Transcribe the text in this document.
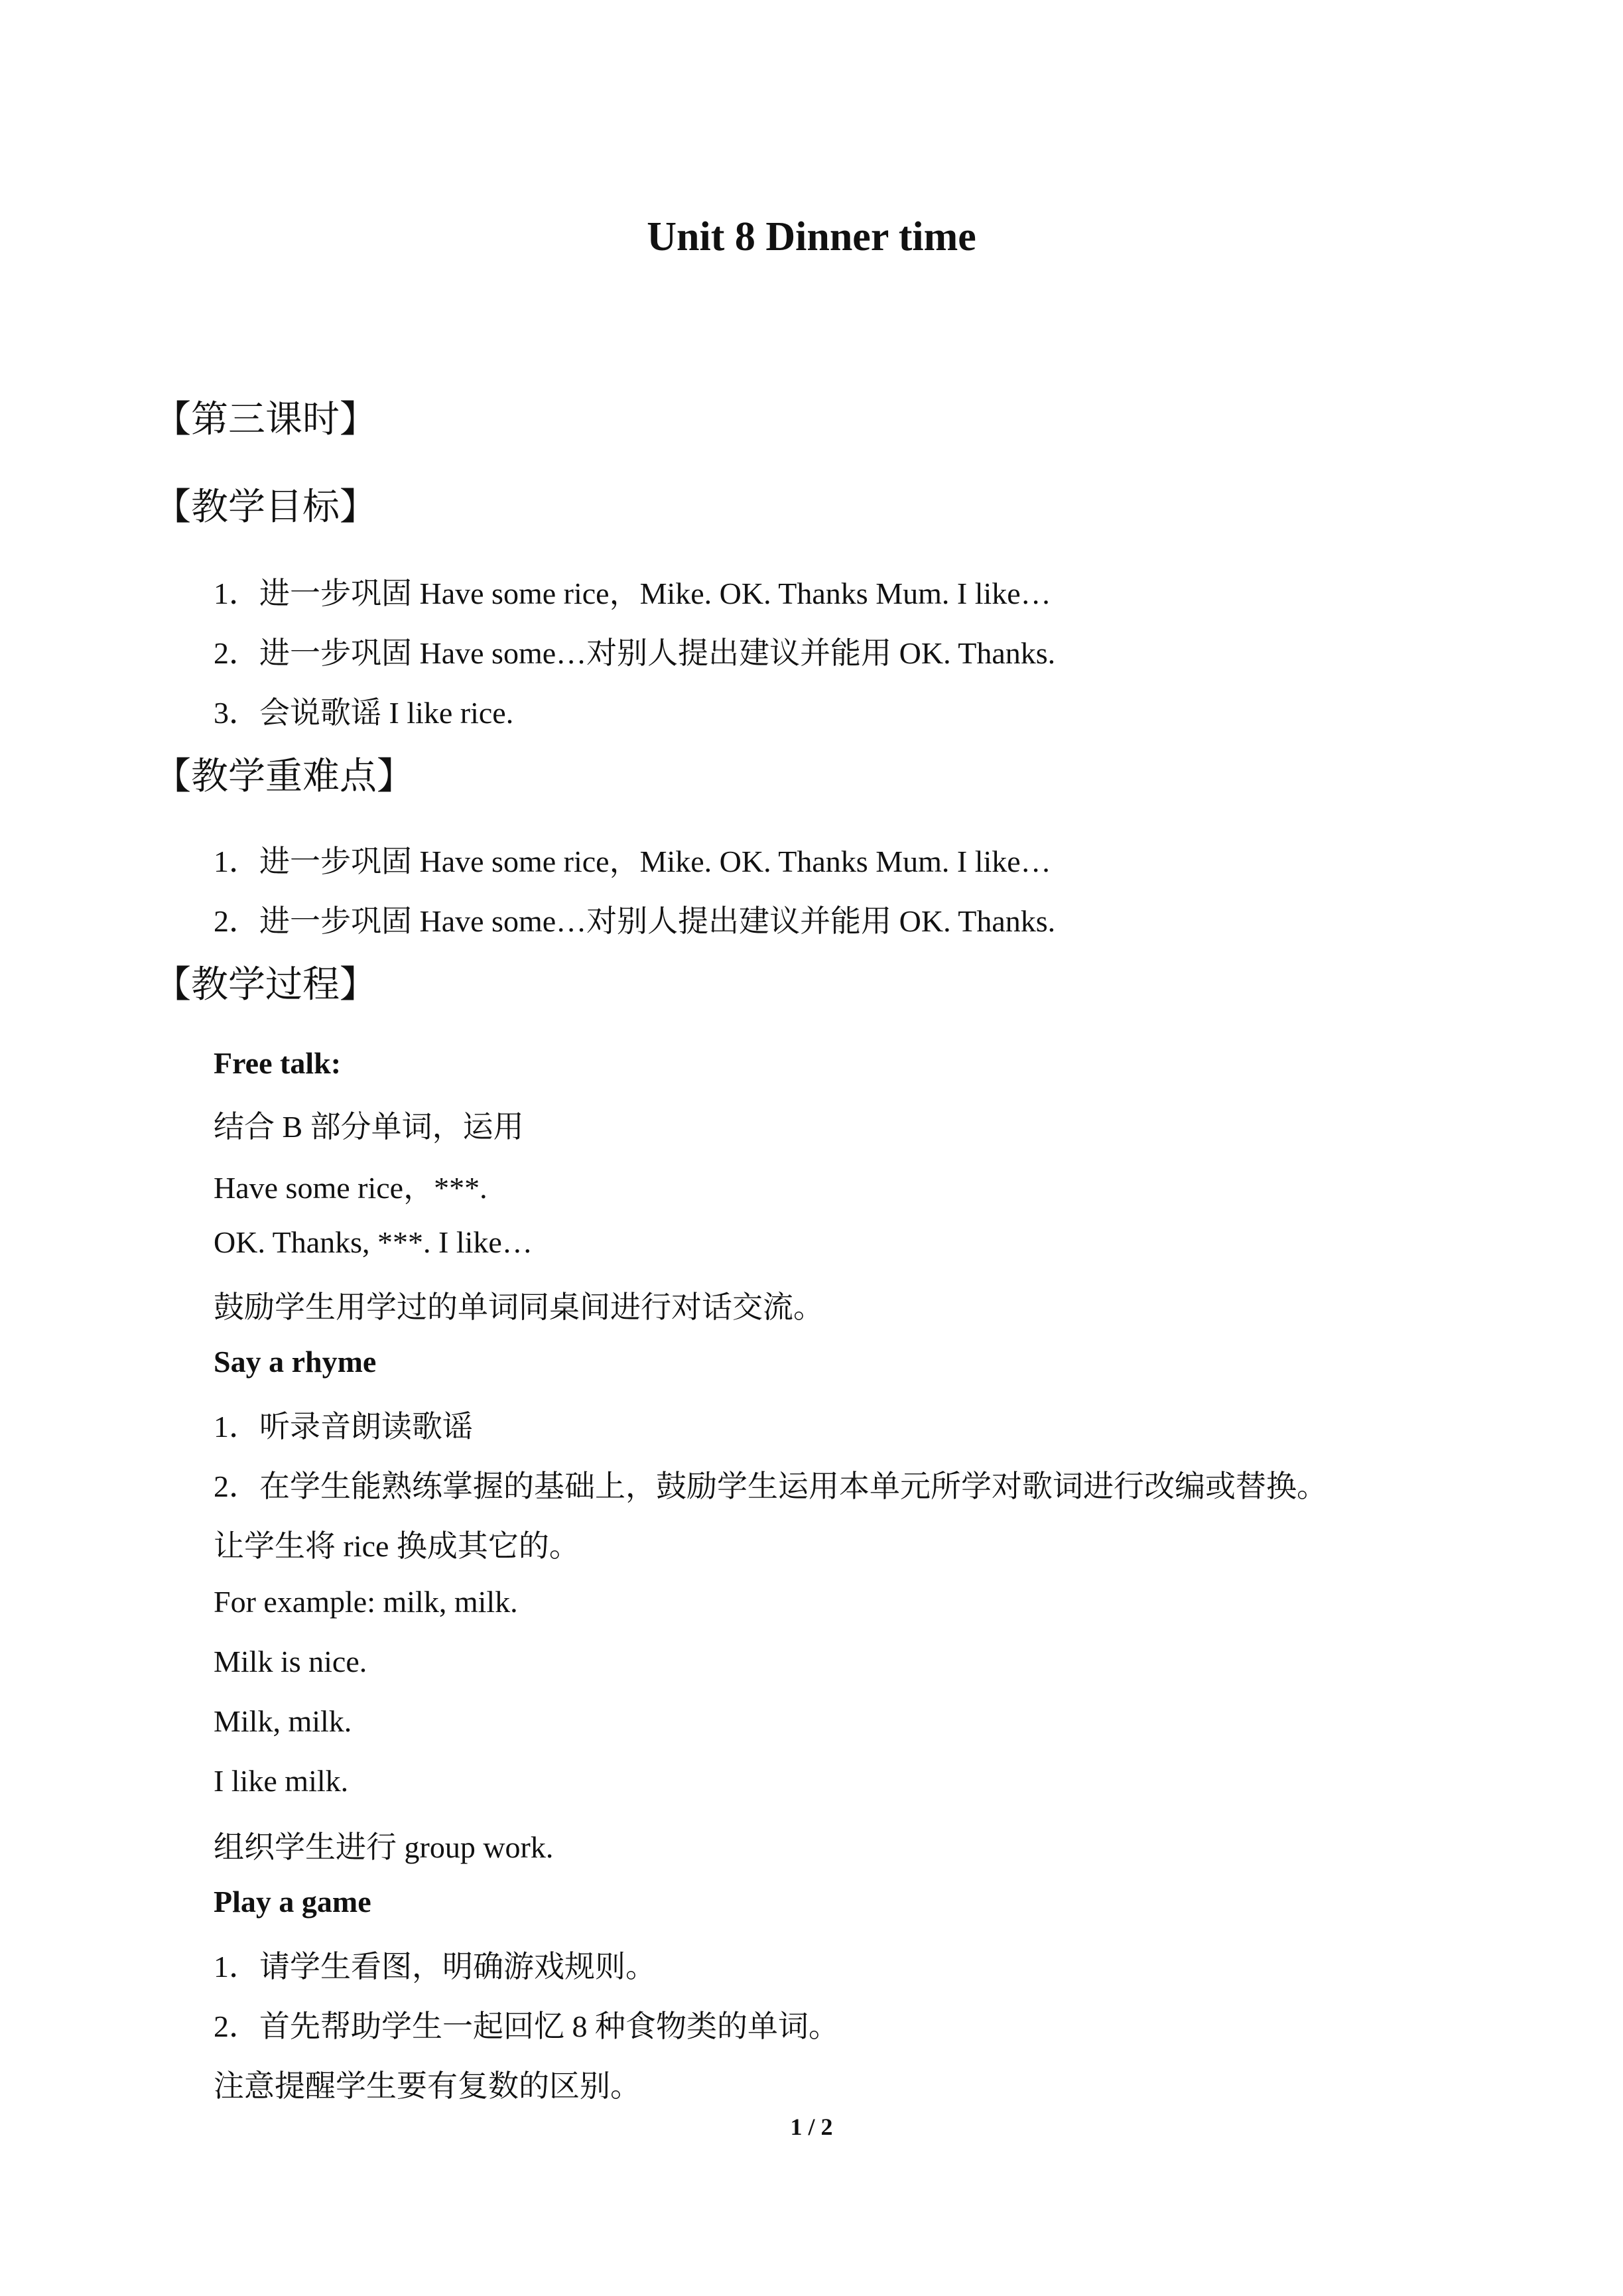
Unit 8 Dinner time
【第三课时】
【教学目标】
1．进一步巩固 Have some rice，Mike. OK. Thanks Mum. I like…
2．进一步巩固 Have some…对别人提出建议并能用 OK. Thanks.
3．会说歌谣 I like rice.
【教学重难点】
1．进一步巩固 Have some rice，Mike. OK. Thanks Mum. I like…
2．进一步巩固 Have some…对别人提出建议并能用 OK. Thanks.
【教学过程】
Free talk:
结合 B 部分单词，运用
Have some rice，***.
OK. Thanks, ***. I like…
鼓励学生用学过的单词同桌间进行对话交流。
Say a rhyme
1．听录音朗读歌谣
2．在学生能熟练掌握的基础上，鼓励学生运用本单元所学对歌词进行改编或替换。
让学生将 rice 换成其它的。
For example: milk, milk.
Milk is nice.
Milk, milk.
I like milk.
组织学生进行 group work.
Play a game
1．请学生看图，明确游戏规则。
2．首先帮助学生一起回忆 8 种食物类的单词。
注意提醒学生要有复数的区别。
1 / 2
